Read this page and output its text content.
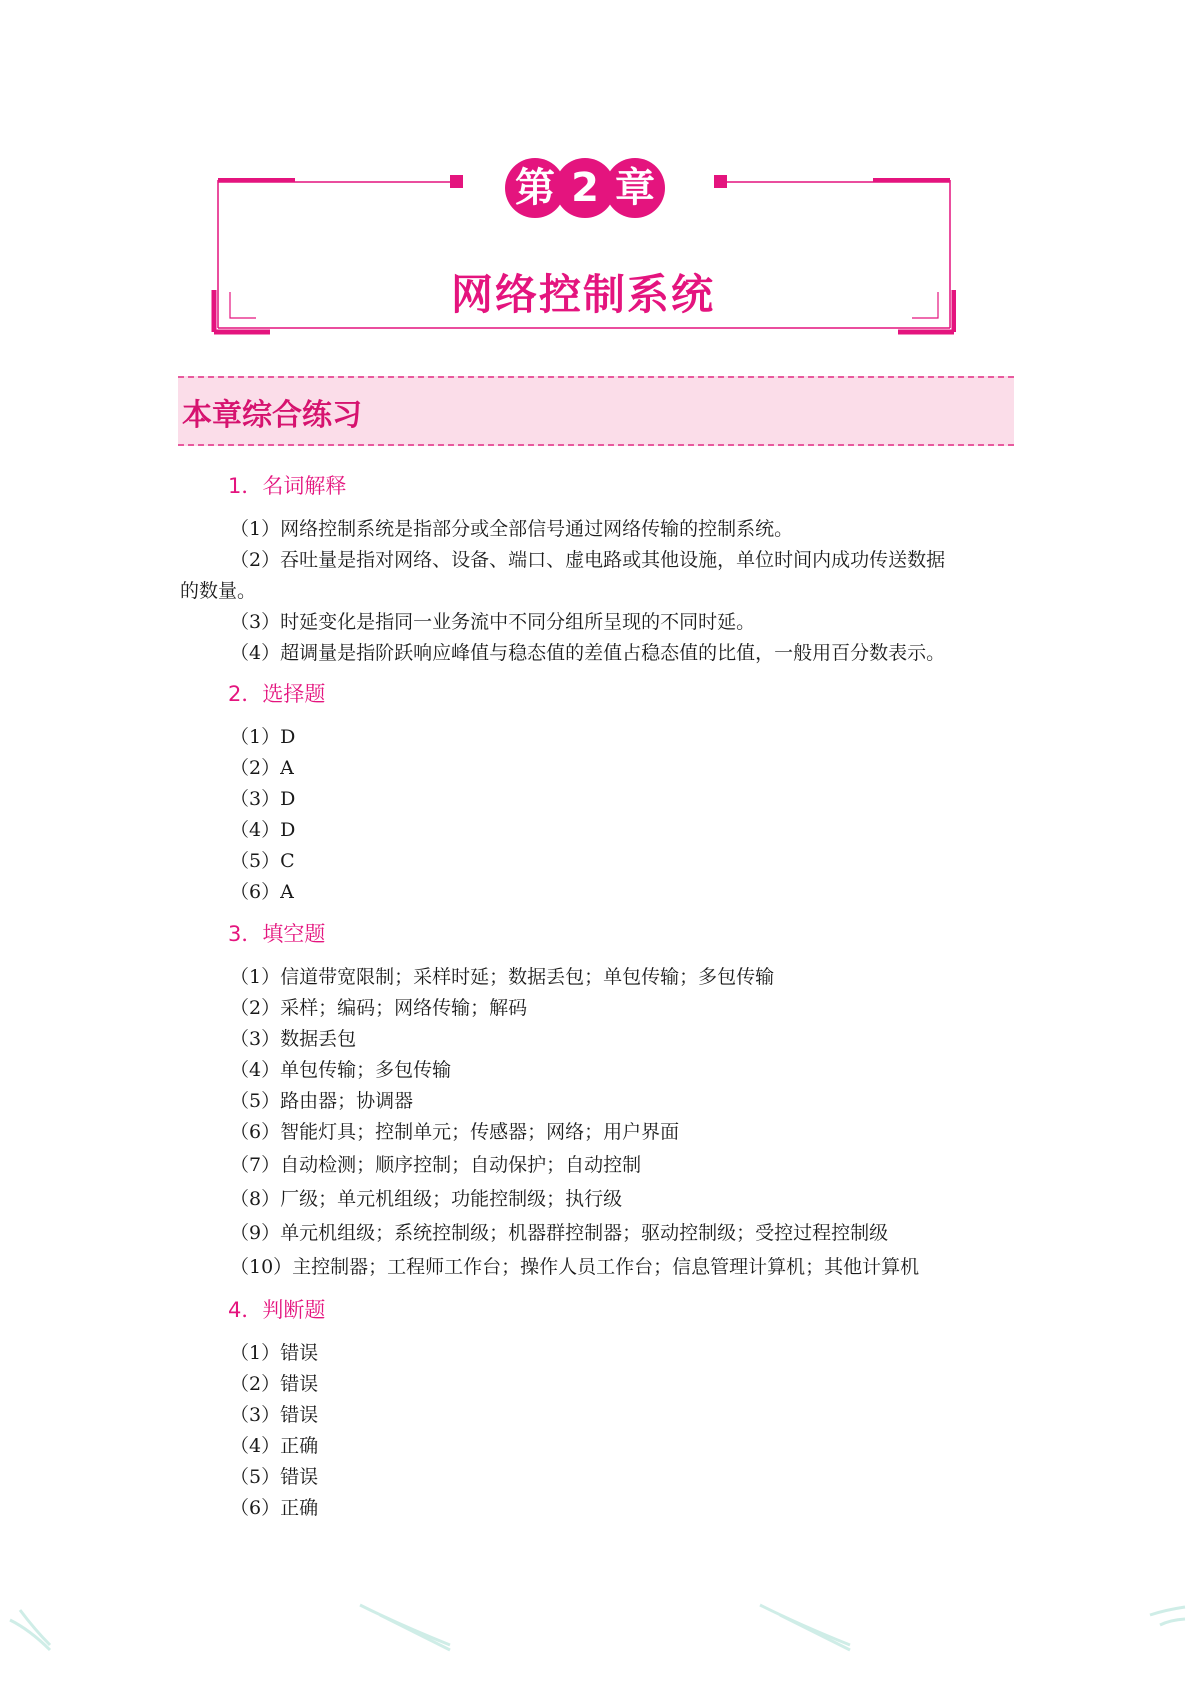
第 2 章
网络控制系统
本章综合练习
1．名词解释
（1）网络控制系统是指部分或全部信号通过网络传输的控制系统。
（2）吞吐量是指对网络、设备、端口、虚电路或其他设施，单位时间内成功传送数据
的数量。
（3）时延变化是指同一业务流中不同分组所呈现的不同时延。
（4）超调量是指阶跃响应峰值与稳态值的差值占稳态值的比值，一般用百分数表示。
2．选择题
（1）D
（2）A
（3）D
（4）D
（5）C
（6）A
3．填空题
（1）信道带宽限制；采样时延；数据丢包；单包传输；多包传输
（2）采样；编码；网络传输；解码
（3）数据丢包
（4）单包传输；多包传输
（5）路由器；协调器
（6）智能灯具；控制单元；传感器；网络；用户界面
（7）自动检测；顺序控制；自动保护；自动控制
（8）厂级；单元机组级；功能控制级；执行级
（9）单元机组级；系统控制级；机器群控制器；驱动控制级；受控过程控制级
（10）主控制器；工程师工作台；操作人员工作台；信息管理计算机；其他计算机
4．判断题
（1）错误
（2）错误
（3）错误
（4）正确
（5）错误
（6）正确
